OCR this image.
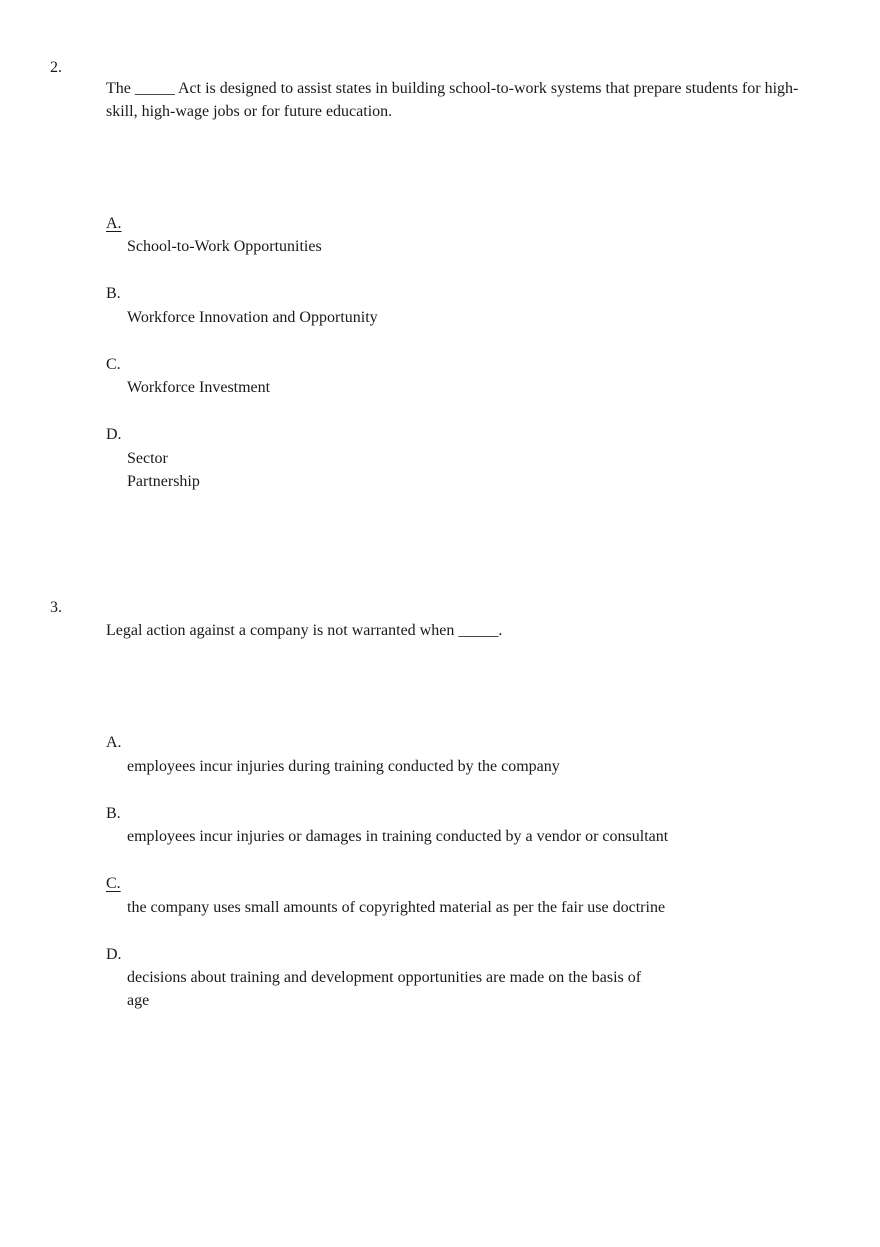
2.

The _____ Act is designed to assist states in building school-to-work systems that prepare students for high-skill, high-wage jobs or for future education.

A.

School-to-Work Opportunities

B.

Workforce Innovation and Opportunity

C.

Workforce Investment

D.

Sector
Partnership

3.

Legal action against a company is not warranted when _____.

A.

employees incur injuries during training conducted by the company

B.

employees incur injuries or damages in training conducted by a vendor or consultant

C.

the company uses small amounts of copyrighted material as per the fair use doctrine

D.

decisions about training and development opportunities are made on the basis of
age
